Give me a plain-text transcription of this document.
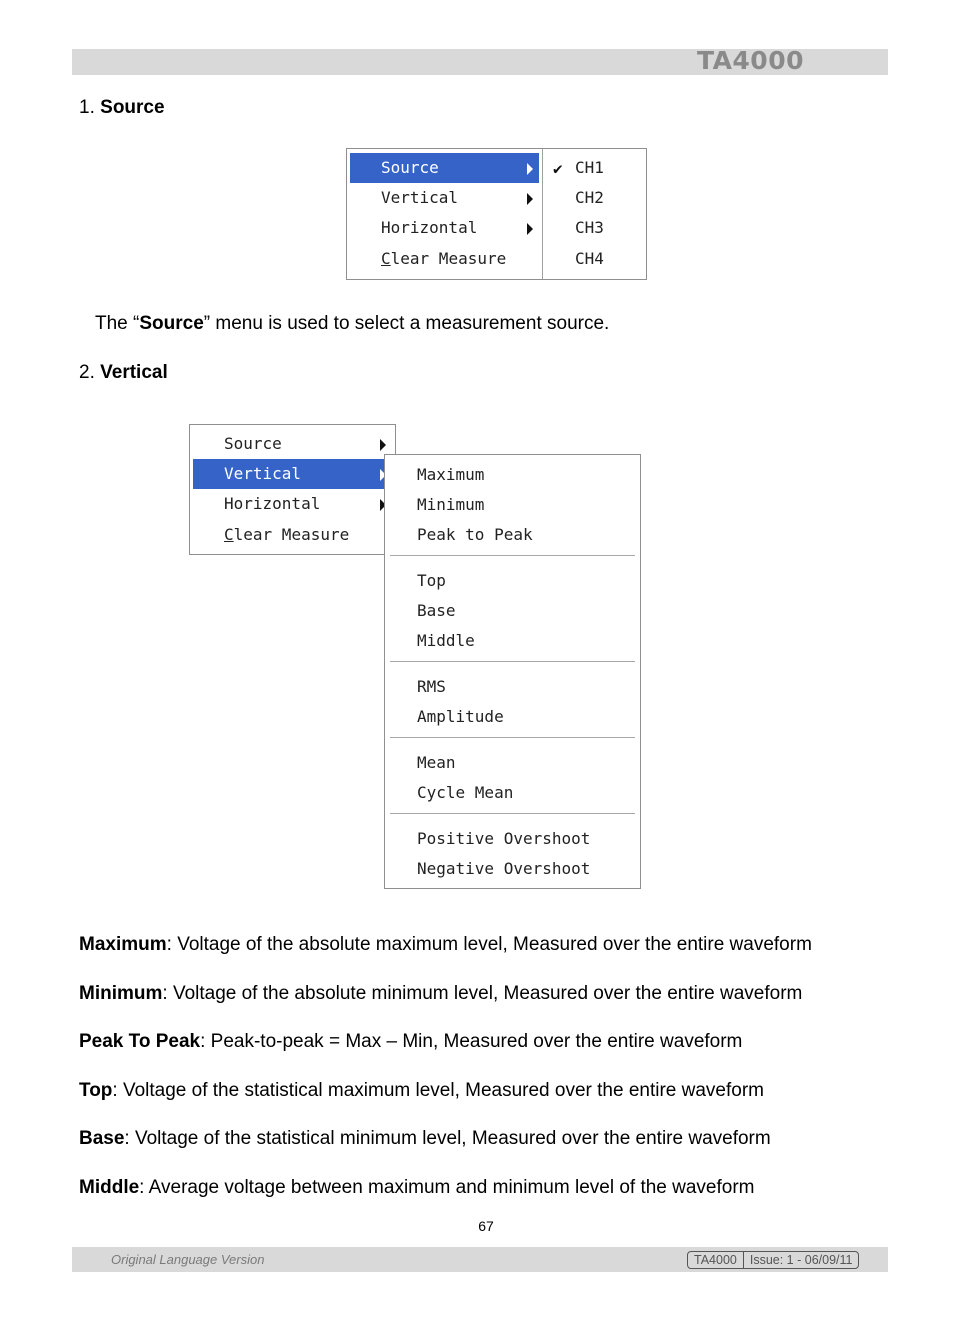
TA4000
1. Source
Source
Vertical
Horizontal
Clear Measure
✔ CH1
CH2
CH3
CH4
The “Source” menu is used to select a measurement source.
2. Vertical
Source
Vertical
Horizontal
Clear Measure
Maximum
Minimum
Peak to Peak
Top
Base
Middle
RMS
Amplitude
Mean
Cycle Mean
Positive Overshoot
Negative Overshoot
Maximum: Voltage of the absolute maximum level, Measured over the entire waveform
Minimum: Voltage of the absolute minimum level, Measured over the entire waveform
Peak To Peak: Peak-to-peak = Max – Min, Measured over the entire waveform
Top: Voltage of the statistical maximum level, Measured over the entire waveform
Base: Voltage of the statistical minimum level, Measured over the entire waveform
Middle: Average voltage between maximum and minimum level of the waveform
67
Original Language Version	TA4000	Issue: 1 - 06/09/11
